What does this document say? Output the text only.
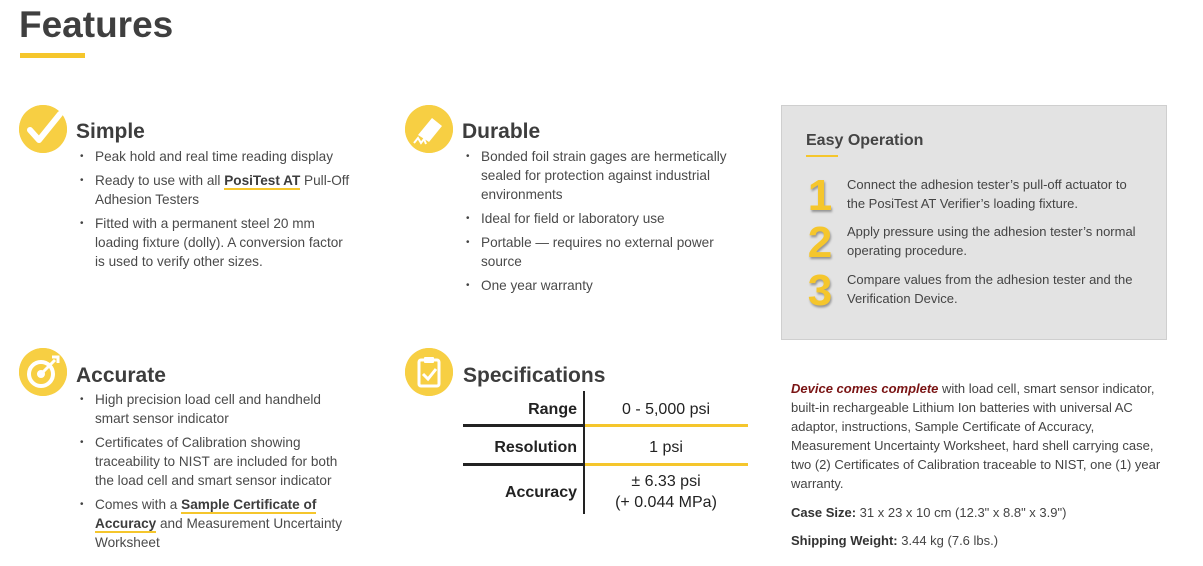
Features
Simple
• Peak hold and real time reading display
• Ready to use with all PosiTest AT Pull-Off Adhesion Testers
• Fitted with a permanent steel 20 mm loading fixture (dolly). A conversion factor is used to verify other sizes.
Durable
• Bonded foil strain gages are hermetically sealed for protection against industrial environments
• Ideal for field or laboratory use
• Portable — requires no external power source
• One year warranty
Easy Operation
1 Connect the adhesion tester’s pull-off actuator to the PosiTest AT Verifier’s loading fixture.
2 Apply pressure using the adhesion tester’s normal operating procedure.
3 Compare values from the adhesion tester and the Verification Device.
Accurate
• High precision load cell and handheld smart sensor indicator
• Certificates of Calibration showing traceability to NIST are included for both the load cell and smart sensor indicator
• Comes with a Sample Certificate of Accuracy and Measurement Uncertainty Worksheet
Specifications
Range	0 - 5,000 psi
Resolution	1 psi
Accuracy
± 6.33 psi
(+ 0.044 MPa)
Device comes complete with load cell, smart sensor indicator, built-in rechargeable Lithium Ion batteries with universal AC adaptor, instructions, Sample Certificate of Accuracy, Measurement Uncertainty Worksheet, hard shell carrying case, two (2) Certificates of Calibration traceable to NIST, one (1) year warranty.
Case Size: 31 x 23 x 10 cm (12.3" x 8.8" x 3.9")
Shipping Weight: 3.44 kg (7.6 lbs.)
